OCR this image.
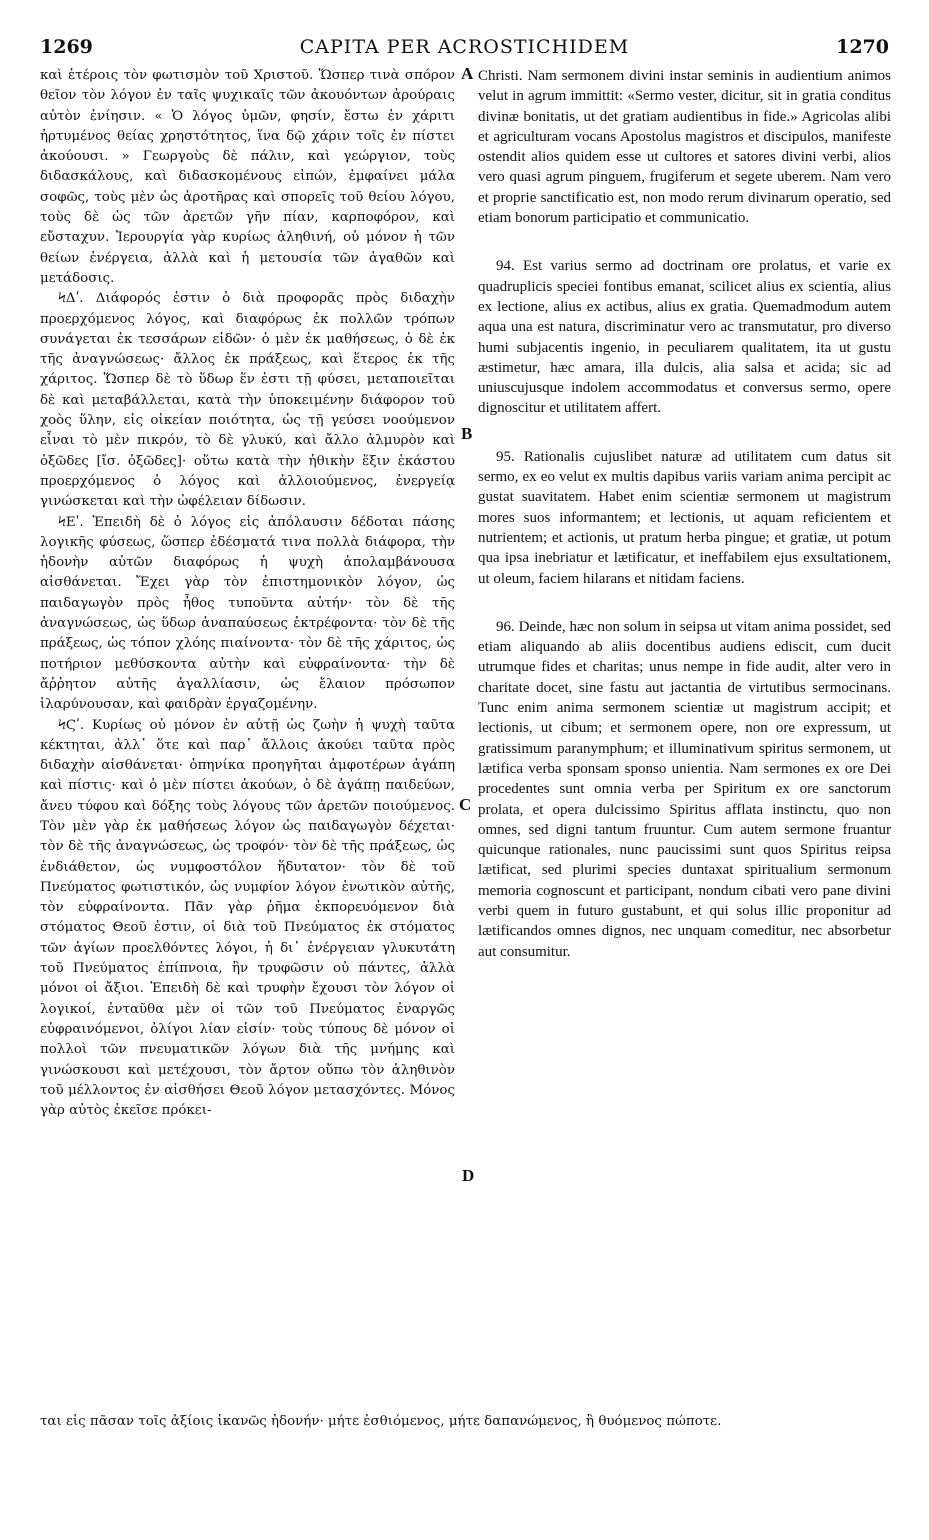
1269	CAPITA PER ACROSTICHIDEM	1270

καὶ ἑτέροις τὸν φωτισμὸν τοῦ Χριστοῦ. Ὥσπερ τινὰ σπόρον θεῖον τὸν λόγον ἐν ταῖς ψυχικαῖς τῶν ἀκουόντων ἀρούραις αὐτὸν ἐνίησιν. « Ὁ λόγος ὑμῶν, φησίν, ἔστω ἐν χάριτι ἠρτυμένος θείας χρηστότητος, ἵνα δῷ χάριν τοῖς ἐν πίστει ἀκούουσι. » Γεωργοὺς δὲ πάλιν, καὶ γεώργιον, τοὺς διδασκάλους, καὶ διδασκομένους εἰπών, ἐμφαίνει μάλα σοφῶς, τοὺς μὲν ὡς ἀροτῆρας καὶ σπορεῖς τοῦ θείου λόγου, τοὺς δὲ ὡς τῶν ἀρετῶν γῆν πίαν, καρποφόρον, καὶ εὔσταχυν. Ἱερουργία γὰρ κυρίως ἀληθινή, οὐ μόνον ἡ τῶν θείων ἐνέργεια, ἀλλὰ καὶ ἡ μετουσία τῶν ἀγαθῶν καὶ μετάδοσις.

ϞΔʹ. Διάφορός ἐστιν ὁ διὰ προφορᾶς πρὸς διδαχὴν προερχόμενος λόγος, καὶ διαφόρως ἐκ πολλῶν τρόπων συνάγεται ἐκ τεσσάρων εἰδῶν· ὁ μὲν ἐκ μαθήσεως, ὁ δὲ ἐκ τῆς ἀναγνώσεως· ἄλλος ἐκ πράξεως, καὶ ἕτερος ἐκ τῆς χάριτος. Ὥσπερ δὲ τὸ ὕδωρ ἕν ἐστι τῇ φύσει, μεταποιεῖται δὲ καὶ μεταβάλλεται, κατὰ τὴν ὑποκειμένην διάφορον τοῦ χοὸς ὕλην, εἰς οἰκείαν ποιότητα, ὡς τῇ γεύσει νοούμενον εἶναι τὸ μὲν πικρόν, τὸ δὲ γλυκύ, καὶ ἄλλο ἁλμυρὸν καὶ ὀξῶδες [ἴσ. ὀξῶδες]· οὕτω κατὰ τὴν ἠθικὴν ἕξιν ἑκάστου προερχόμενος ὁ λόγος καὶ ἀλλοιούμενος, ἐνεργείᾳ γινώσκεται καὶ τὴν ὠφέλειαν δίδωσιν.

ϞΕʹ. Ἐπειδὴ δὲ ὁ λόγος εἰς ἀπόλαυσιν δέδοται πάσης λογικῆς φύσεως, ὥσπερ ἐδέσματά τινα πολλὰ διάφορα, τὴν ἡδονὴν αὐτῶν διαφόρως ἡ ψυχὴ ἀπολαμβάνουσα αἰσθάνεται. Ἔχει γὰρ τὸν ἐπιστημονικὸν λόγον, ὡς παιδαγωγὸν πρὸς ἦθος τυποῦντα αὐτήν· τὸν δὲ τῆς ἀναγνώσεως, ὡς ὕδωρ ἀναπαύσεως ἐκτρέφοντα· τὸν δὲ τῆς πράξεως, ὡς τόπον χλόης πιαίνοντα· τὸν δὲ τῆς χάριτος, ὡς ποτήριον μεθύσκοντα αὐτὴν καὶ εὐφραίνοντα· τὴν δὲ ἄῤῥητον αὐτῆς ἀγαλλίασιν, ὡς ἔλαιον πρόσωπον ἱλαρύνουσαν, καὶ φαιδρὰν ἐργαζομένην.

ϞϚʹ. Κυρίως οὐ μόνον ἐν αὐτῇ ὡς ζωὴν ἡ ψυχὴ ταῦτα κέκτηται, ἀλλ᾿ ὅτε καὶ παρ᾿ ἄλλοις ἀκούει ταῦτα πρὸς διδαχὴν αἰσθάνεται· ὁπηνίκα προηγῆται ἀμφοτέρων ἀγάπη καὶ πίστις· καὶ ὁ μὲν πίστει ἀκούων, ὁ δὲ ἀγάπῃ παιδεύων, ἄνευ τύφου καὶ δόξης τοὺς λόγους τῶν ἀρετῶν ποιούμενος. Τὸν μὲν γὰρ ἐκ μαθήσεως λόγον ὡς παιδαγωγὸν δέχεται· τὸν δὲ τῆς ἀναγνώσεως, ὡς τροφόν· τὸν δὲ τῆς πράξεως, ὡς ἐνδιάθετον, ὡς νυμφοστόλον ἥδυτατον· τὸν δὲ τοῦ Πνεύματος φωτιστικόν, ὡς νυμφίον λόγον ἑνωτικὸν αὐτῆς, τὸν εὐφραίνοντα. Πᾶν γὰρ ῥῆμα ἐκπορευόμενον διὰ στόματος Θεοῦ ἐστιν, οἱ διὰ τοῦ Πνεύματος ἐκ στόματος τῶν ἁγίων προελθόντες λόγοι, ἡ δι᾿ ἐνέργειαν γλυκυτάτη τοῦ Πνεύματος ἐπίπνοια, ἣν τρυφῶσιν οὐ πάντες, ἀλλὰ μόνοι οἱ ἄξιοι. Ἐπειδὴ δὲ καὶ τρυφὴν ἔχουσι τὸν λόγον οἱ λογικοί, ἐνταῦθα μὲν οἱ τῶν τοῦ Πνεύματος ἐναργῶς εὐφραινόμενοι, ὀλίγοι λίαν εἰσίν· τοὺς τύπους δὲ μόνον οἱ πολλοὶ τῶν πνευματικῶν λόγων διὰ τῆς μνήμης καὶ γινώσκουσι καὶ μετέχουσι, τὸν ἄρτον οὔπω τὸν ἀληθινὸν τοῦ μέλλοντος ἐν αἰσθήσει Θεοῦ λόγον μετασχόντες. Μόνος γὰρ αὐτὸς ἐκεῖσε πρόκει-

A
B
C
D

Christi. Nam sermonem divini instar seminis in audientium animos velut in agrum immittit: «Sermo vester, dicitur, sit in gratia conditus divinæ bonitatis, ut det gratiam audientibus in fide.» Agricolas alibi et agriculturam vocans Apostolus magistros et discipulos, manifeste ostendit alios quidem esse ut cultores et satores divini verbi, alios vero quasi agrum pinguem, frugiferum et segete uberem. Nam vero et proprie sanctificatio est, non modo rerum divinarum operatio, sed etiam bonorum participatio et communicatio.

94. Est varius sermo ad doctrinam ore prolatus, et varie ex quadruplicis speciei fontibus emanat, scilicet alius ex scientia, alius ex lectione, alius ex actibus, alius ex gratia. Quemadmodum autem aqua una est natura, discriminatur vero ac transmutatur, pro diverso humi subjacentis ingenio, in peculiarem qualitatem, ita ut gustu æstimetur, hæc amara, illa dulcis, alia salsa et acida; sic ad uniuscujusque indolem accommodatus et conversus sermo, opere dignoscitur et utilitatem affert.

95. Rationalis cujuslibet naturæ ad utilitatem cum datus sit sermo, ex eo velut ex multis dapibus variis variam anima percipit ac gustat suavitatem. Habet enim scientiæ sermonem ut magistrum mores suos informantem; et lectionis, ut aquam reficientem et nutrientem; et actionis, ut pratum herba pingue; et gratiæ, ut potum qua ipsa inebriatur et lætificatur, et ineffabilem ejus exsultationem, ut oleum, faciem hilarans et nitidam faciens.

96. Deinde, hæc non solum in seipsa ut vitam anima possidet, sed etiam aliquando ab aliis docentibus audiens ediscit, cum ducit utrumque fides et charitas; unus nempe in fide audit, alter vero in charitate docet, sine fastu aut jactantia de virtutibus sermocinans. Tunc enim anima sermonem scientiæ ut magistrum accipit; et lectionis, ut cibum; et sermonem opere, non ore expressum, ut gratissimum paranymphum; et illuminativum spiritus sermonem, ut lætifica verba sponsam sponso unientia. Nam sermones ex ore Dei procedentes sunt omnia verba per Spiritum ex ore sanctorum prolata, et opera dulcissimo Spiritus afflata instinctu, quo non omnes, sed digni tantum fruuntur. Cum autem sermone fruantur quicunque rationales, nunc paucissimi sunt quos Spiritus reipsa lætificat, sed plurimi species duntaxat spiritualium sermonum memoria cognoscunt et participant, nondum cibati vero pane divini verbi quem in futuro gustabunt, et qui solus illic proponitur ad lætificandos omnes dignos, nec unquam comeditur, nec absorbetur aut consumitur.

ται εἰς πᾶσαν τοῖς ἀξίοις ἱκανῶς ἡδονήν· μήτε ἐσθιόμενος, μήτε δαπανώμενος, ἢ θυόμενος πώποτε.
